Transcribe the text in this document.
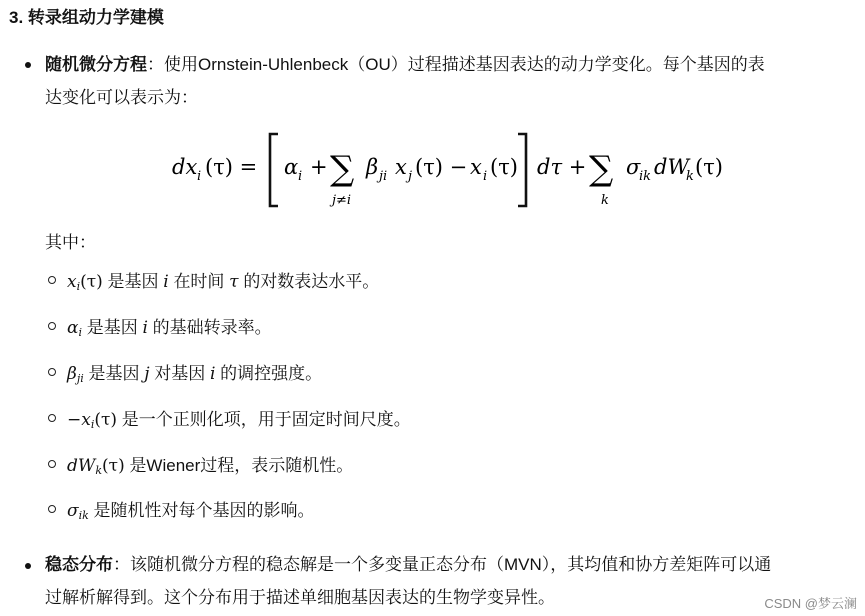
3. 转录组动力学建模
随机微分方程：使用Ornstein-Uhlenbeck（OU）过程描述基因表达的动力学变化。每个基因的表
达变化可以表示为：
dx i (τ) = α i + ∑
j≠i
β ji x j (τ) − x i (τ) dτ + ∑
k
σ
ik dW
k (τ)
其中：
$x_i(\tau)$ 是基因 i 在时间 τ 的对数表达水平。
$\alpha_i$ 是基因 i 的基础转录率。
$\beta_{ji}$ 是基因 j 对基因 i 的调控强度。
$-x_i(\tau)$ 是一个正则化项，用于固定时间尺度。
$dW_k(\tau)$ 是Wiener过程，表示随机性。
$\sigma_{ik}$ 是随机性对每个基因的影响。
稳态分布：该随机微分方程的稳态解是一个多变量正态分布（MVN），其均值和协方差矩阵可以通
过解析解得到。这个分布用于描述单细胞基因表达的生物学变异性。	CSDN @梦云澜
